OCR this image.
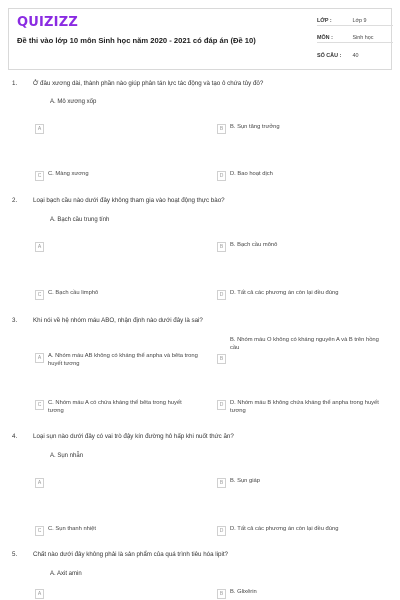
QUIZIZZ
Đề thi vào lớp 10 môn Sinh học năm 2020 - 2021 có đáp án (Đề 10)
LỚP :	Lớp 9
MÔN :	Sinh học
SỐ CÂU : 40
1.	Ở đâu xương dài, thành phần nào giúp phân tán lực tác động và tạo ô chứa tủy đỏ?
A. Mô xương xốp
A	B	B. Sụn tăng trưởng
C	C. Màng xương	D	D. Bao hoạt dịch
2.	Loại bạch cầu nào dưới đây không tham gia vào hoạt động thực bào?
A. Bạch cầu trung tính
A	B	B. Bạch cầu mônô
C	C. Bạch cầu limphô	D	D. Tất cả các phương án còn lại đều đúng
3.	Khi nói về hệ nhóm máu ABO, nhận định nào dưới đây là sai?
A	A. Nhóm máu AB không có kháng thể anpha và bêta trong huyết tương
B
B. Nhóm máu O không có kháng nguyên A và B trên hồng cầu
C	C. Nhóm máu A có chứa kháng thể bêta trong huyết tương
D	D. Nhóm máu B không chứa kháng thể anpha trong huyết tương
4.	Loại sụn nào dưới đây có vai trò đậy kín đường hô hấp khi nuốt thức ăn?
A. Sụn nhẫn
A	B	B. Sụn giáp
C	C. Sụn thanh nhiệt	D	D. Tất cả các phương án còn lại đều đúng
5.	Chất nào dưới đây không phải là sản phẩm của quá trình tiêu hóa lipit?
A. Axit amin
A	B	B. Glixêrin
